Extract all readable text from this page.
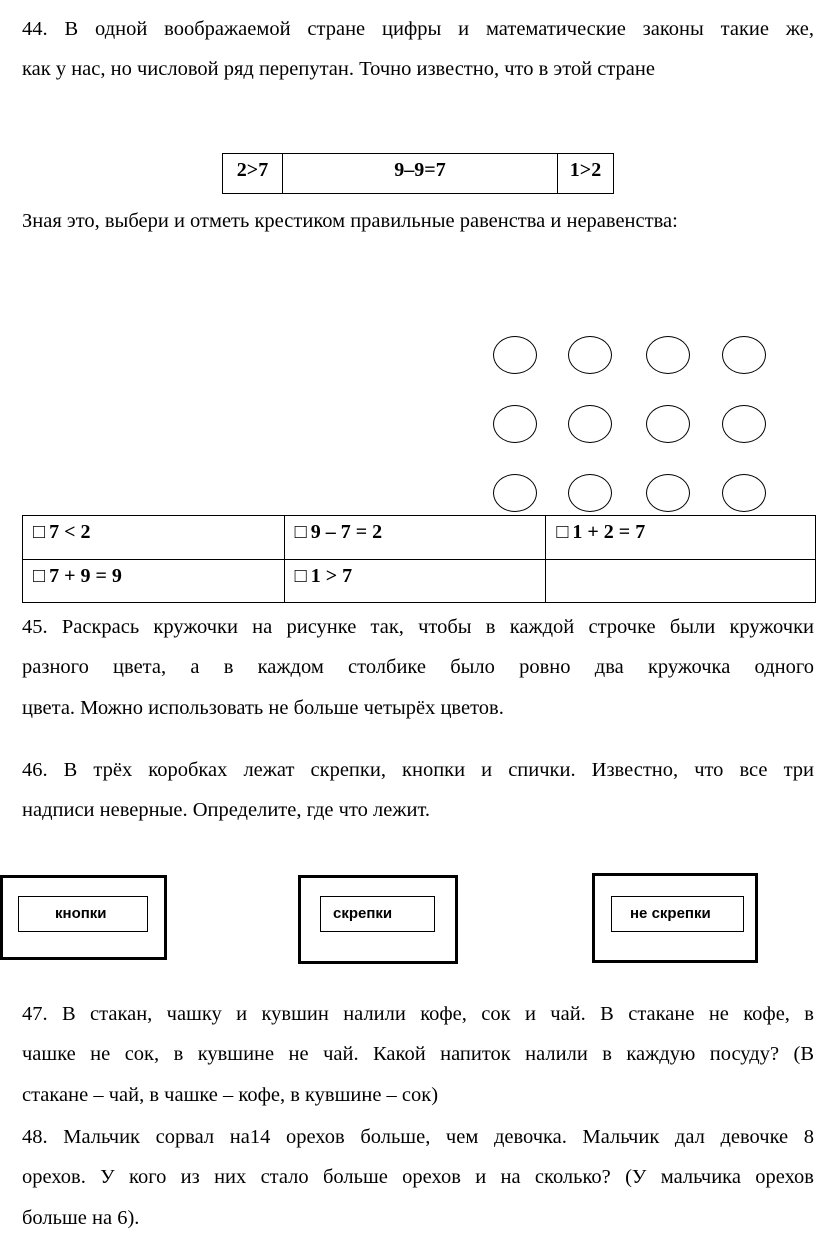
44. В одной воображаемой стране цифры и математические законы такие же,
как у нас, но числовой ряд перепутан. Точно известно, что в этой стране
2>7	9–9=7	1>2
Зная это, выбери и отметь крестиком правильные равенства и неравенства:
□ 7 < 2	□ 9 – 7 = 2	□ 1 + 2 = 7
□ 7 + 9 = 9	□ 1 > 7	
45. Раскрась кружочки на рисунке так, чтобы в каждой строчке были кружочки
разного цвета, а в каждом столбике было ровно два кружочка одного
цвета. Можно использовать не больше четырёх цветов.
46. В трёх коробках лежат скрепки, кнопки и спички. Известно, что все три
надписи неверные. Определите, где что лежит.
кнопки	скрепки	не скрепки
47. В стакан, чашку и кувшин налили кофе, сок и чай. В стакане не кофе, в
чашке не сок, в кувшине не чай. Какой напиток налили в каждую посуду? (В
стакане – чай, в чашке – кофе, в кувшине – сок)
48. Мальчик сорвал на14 орехов больше, чем девочка. Мальчик дал девочке 8
орехов. У кого из них стало больше орехов и на сколько? (У мальчика орехов
больше на 6).
